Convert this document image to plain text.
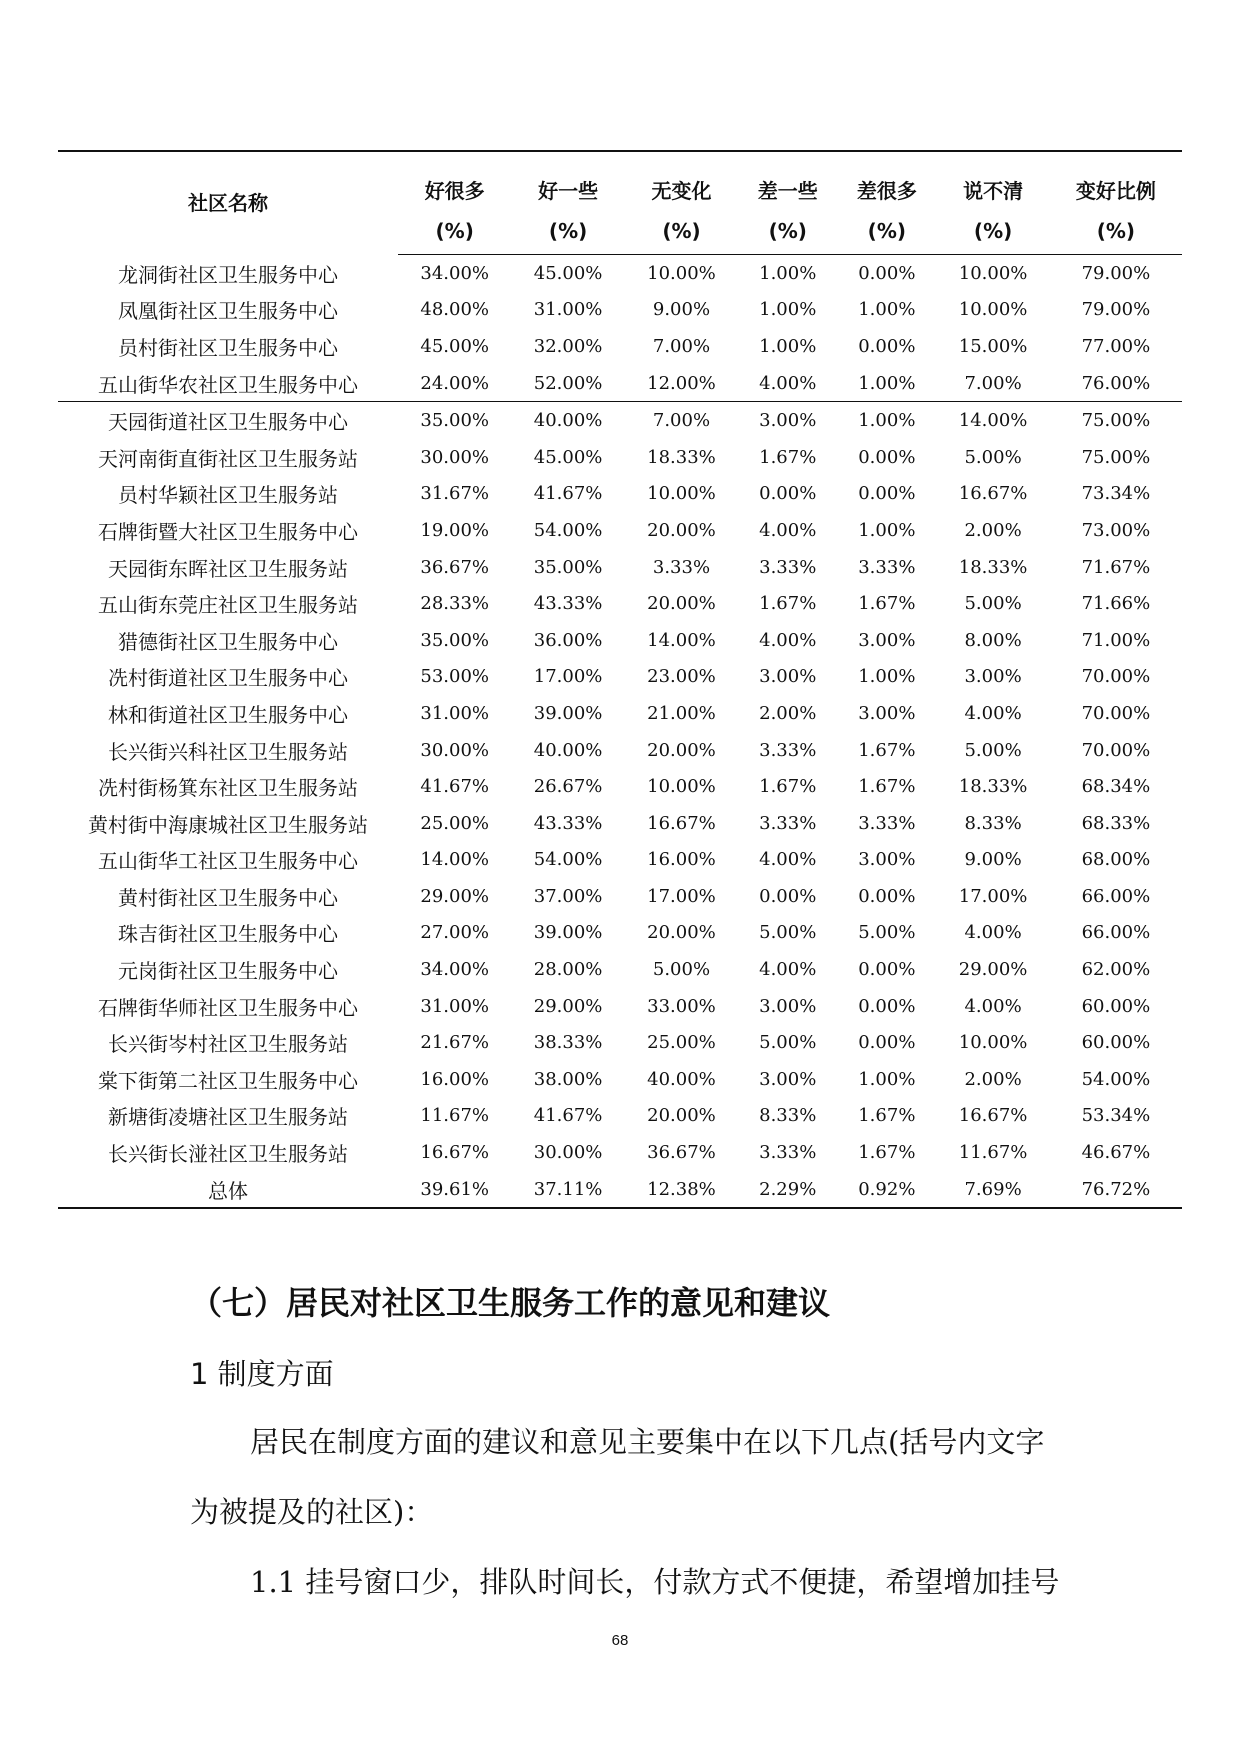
社区名称	好很多	好一些	无变化	差一些	差很多	说不清	变好比例
	(%)	(%)	(%)	(%)	(%)	(%)	(%)
龙洞街社区卫生服务中心	34.00%	45.00%	10.00%	1.00%	0.00%	10.00%	79.00%
凤凰街社区卫生服务中心	48.00%	31.00%	9.00%	1.00%	1.00%	10.00%	79.00%
员村街社区卫生服务中心	45.00%	32.00%	7.00%	1.00%	0.00%	15.00%	77.00%
五山街华农社区卫生服务中心	24.00%	52.00%	12.00%	4.00%	1.00%	7.00%	76.00%
天园街道社区卫生服务中心	35.00%	40.00%	7.00%	3.00%	1.00%	14.00%	75.00%
天河南街直街社区卫生服务站	30.00%	45.00%	18.33%	1.67%	0.00%	5.00%	75.00%
员村华颖社区卫生服务站	31.67%	41.67%	10.00%	0.00%	0.00%	16.67%	73.34%
石牌街暨大社区卫生服务中心	19.00%	54.00%	20.00%	4.00%	1.00%	2.00%	73.00%
天园街东晖社区卫生服务站	36.67%	35.00%	3.33%	3.33%	3.33%	18.33%	71.67%
五山街东莞庄社区卫生服务站	28.33%	43.33%	20.00%	1.67%	1.67%	5.00%	71.66%
猎德街社区卫生服务中心	35.00%	36.00%	14.00%	4.00%	3.00%	8.00%	71.00%
冼村街道社区卫生服务中心	53.00%	17.00%	23.00%	3.00%	1.00%	3.00%	70.00%
林和街道社区卫生服务中心	31.00%	39.00%	21.00%	2.00%	3.00%	4.00%	70.00%
长兴街兴科社区卫生服务站	30.00%	40.00%	20.00%	3.33%	1.67%	5.00%	70.00%
冼村街杨箕东社区卫生服务站	41.67%	26.67%	10.00%	1.67%	1.67%	18.33%	68.34%
黄村街中海康城社区卫生服务站	25.00%	43.33%	16.67%	3.33%	3.33%	8.33%	68.33%
五山街华工社区卫生服务中心	14.00%	54.00%	16.00%	4.00%	3.00%	9.00%	68.00%
黄村街社区卫生服务中心	29.00%	37.00%	17.00%	0.00%	0.00%	17.00%	66.00%
珠吉街社区卫生服务中心	27.00%	39.00%	20.00%	5.00%	5.00%	4.00%	66.00%
元岗街社区卫生服务中心	34.00%	28.00%	5.00%	4.00%	0.00%	29.00%	62.00%
石牌街华师社区卫生服务中心	31.00%	29.00%	33.00%	3.00%	0.00%	4.00%	60.00%
长兴街岑村社区卫生服务站	21.67%	38.33%	25.00%	5.00%	0.00%	10.00%	60.00%
棠下街第二社区卫生服务中心	16.00%	38.00%	40.00%	3.00%	1.00%	2.00%	54.00%
新塘街凌塘社区卫生服务站	11.67%	41.67%	20.00%	8.33%	1.67%	16.67%	53.34%
长兴街长湴社区卫生服务站	16.67%	30.00%	36.67%	3.33%	1.67%	11.67%	46.67%
总体	39.61%	37.11%	12.38%	2.29%	0.92%	7.69%	76.72%
（七）居民对社区卫生服务工作的意见和建议
1 制度方面
居民在制度方面的建议和意见主要集中在以下几点(括号内文字
为被提及的社区)：
1.1 挂号窗口少，排队时间长，付款方式不便捷，希望增加挂号
68
